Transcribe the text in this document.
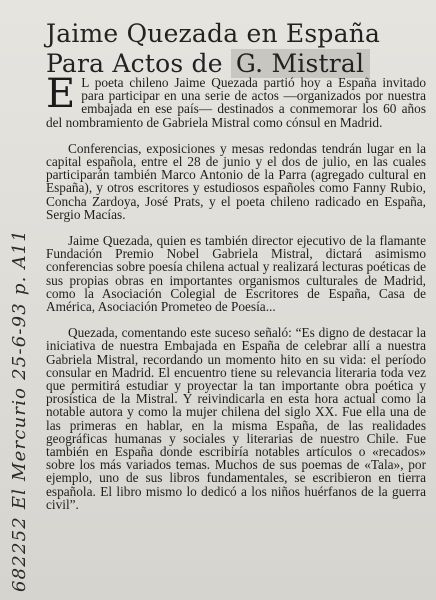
682252 El Mercurio 25-6-93 p. A11
Jaime Quezada en España
Para Actos de G. Mistral

E L poeta chileno Jaime Quezada partió hoy a España invitado para participar en una serie de actos —organizados por nuestra embajada en ese país— destinados a conmemorar los 60 años del nombramiento de Gabriela Mistral como cónsul en Madrid.

Conferencias, exposiciones y mesas redondas tendrán lugar en la capital española, entre el 28 de junio y el dos de julio, en las cuales participarán también Marco Antonio de la Parra (agregado cultural en España), y otros escritores y estudiosos españoles como Fanny Rubio, Concha Zardoya, José Prats, y el poeta chileno radicado en España, Sergio Macías.

Jaime Quezada, quien es también director ejecutivo de la flamante Fundación Premio Nobel Gabriela Mistral, dictará asimismo conferencias sobre poesía chilena actual y realizará lecturas poéticas de sus propias obras en importantes organismos culturales de Madrid, como la Asociación Colegial de Escritores de España, Casa de América, Asociación Prometeo de Poesía...

Quezada, comentando este suceso señaló: “Es digno de destacar la iniciativa de nuestra Embajada en España de celebrar allí a nuestra Gabriela Mistral, recordando un momento hito en su vida: el período consular en Madrid. El encuentro tiene su relevancia literaria toda vez que permitirá estudiar y proyectar la tan importante obra poética y prosística de la Mistral. Y reivindicarla en esta hora actual como la notable autora y como la mujer chilena del siglo XX. Fue ella una de las primeras en hablar, en la misma España, de las realidades geográficas humanas y sociales y literarias de nuestro Chile. Fue también en España donde escribiría notables artículos o «recados» sobre los más variados temas. Muchos de sus poemas de «Tala», por ejemplo, uno de sus libros fundamentales, se escribieron en tierra española. El libro mismo lo dedicó a los niños huérfanos de la guerra civil”.
